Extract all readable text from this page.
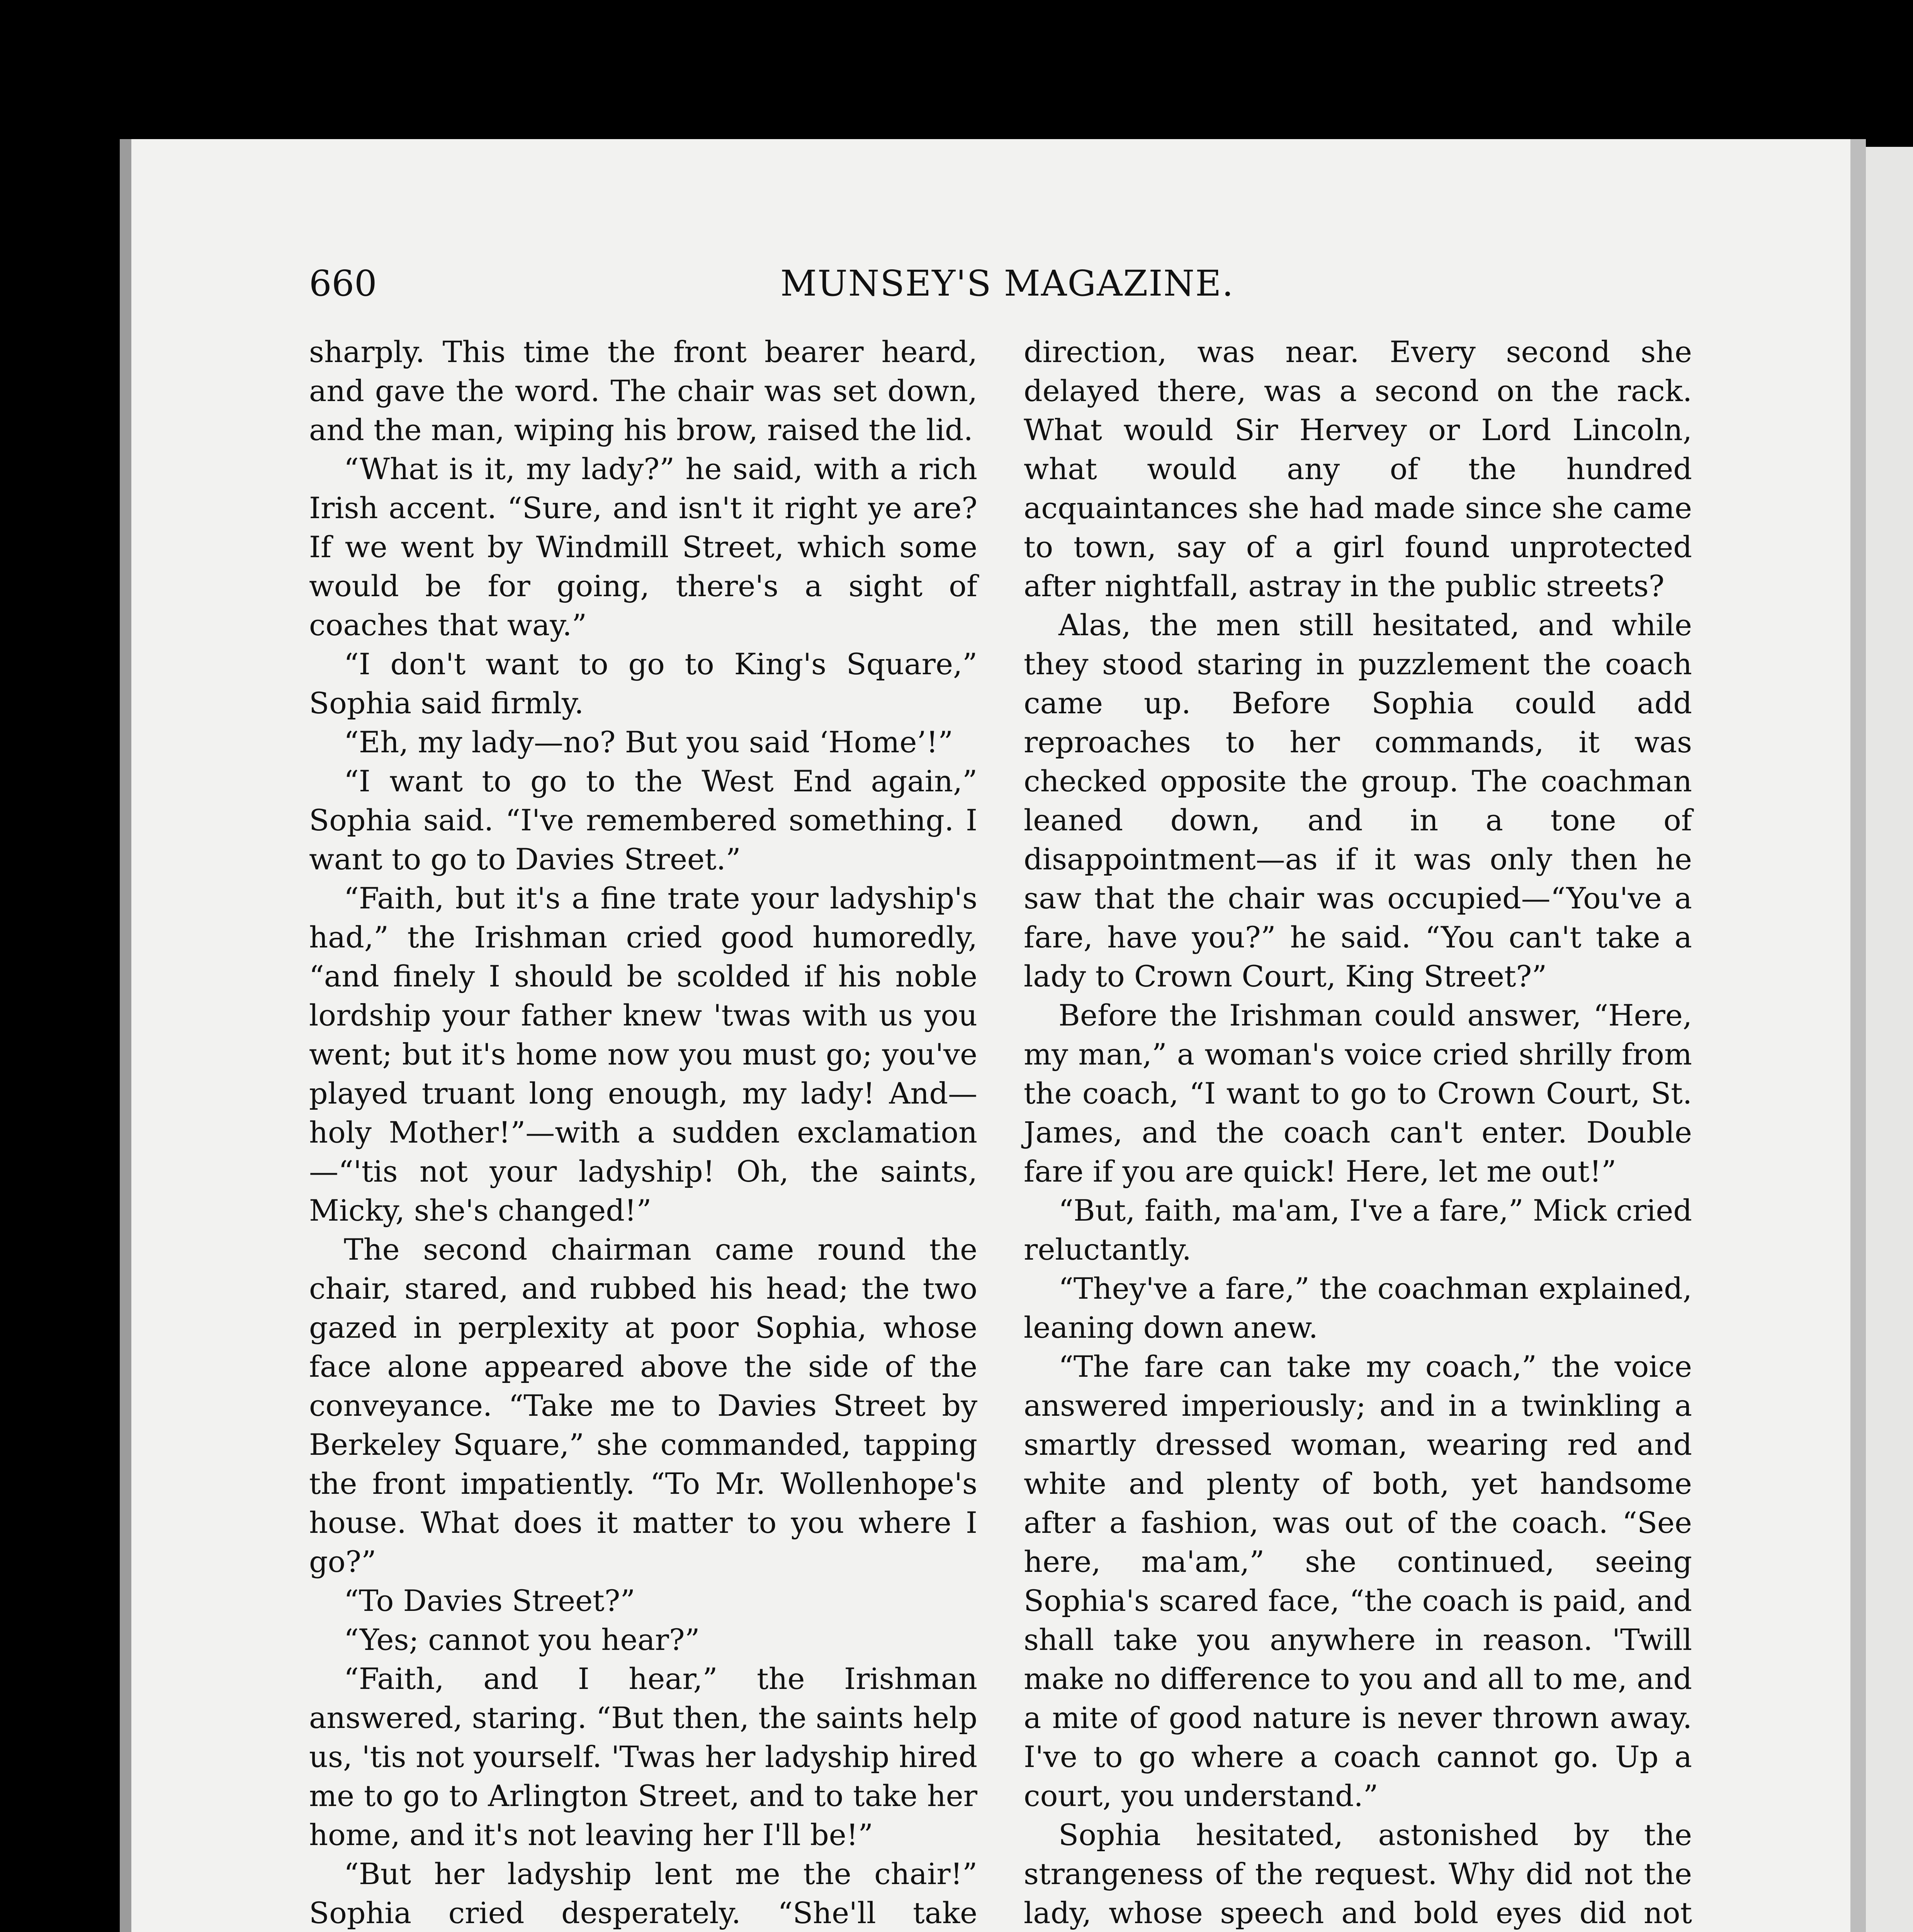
660	MUNSEY'S MAGAZINE.

sharply. This time the front bearer heard, and gave the word. The chair was set down, and the man, wiping his brow, raised the lid.

“What is it, my lady?” he said, with a rich Irish accent. “Sure, and isn't it right ye are? If we went by Windmill Street, which some would be for going, there's a sight of coaches that way.”

“I don't want to go to King's Square,” Sophia said firmly.

“Eh, my lady—no? But you said ‘Home’!”

“I want to go to the West End again,” Sophia said. “I've remembered something. I want to go to Davies Street.”

“Faith, but it's a fine trate your ladyship's had,” the Irishman cried good humoredly, “and finely I should be scolded if his noble lordship your father knew 'twas with us you went; but it's home now you must go; you've played truant long enough, my lady! And—holy Mother!”—with a sudden exclamation—“'tis not your ladyship! Oh, the saints, Micky, she's changed!”

The second chairman came round the chair, stared, and rubbed his head; the two gazed in perplexity at poor Sophia, whose face alone appeared above the side of the conveyance. “Take me to Davies Street by Berkeley Square,” she commanded, tapping the front impatiently. “To Mr. Wollenhope's house. What does it matter to you where I go?”

“To Davies Street?”

“Yes; cannot you hear?”

“Faith, and I hear,” the Irishman answered, staring. “But then, the saints help us, 'tis not yourself. 'Twas her ladyship hired me to go to Arlington Street, and to take her home, and it's not leaving her I'll be!”

“But her ladyship lent me the chair!” Sophia cried desperately. “She'll take

direction, was near. Every second she delayed there, was a second on the rack. What would Sir Hervey or Lord Lincoln, what would any of the hundred acquaintances she had made since she came to town, say of a girl found unprotected after nightfall, astray in the public streets?

Alas, the men still hesitated, and while they stood staring in puzzlement the coach came up. Before Sophia could add reproaches to her commands, it was checked opposite the group. The coachman leaned down, and in a tone of disappointment—as if it was only then he saw that the chair was occupied—“You've a fare, have you?” he said. “You can't take a lady to Crown Court, King Street?”

Before the Irishman could answer, “Here, my man,” a woman's voice cried shrilly from the coach, “I want to go to Crown Court, St. James, and the coach can't enter. Double fare if you are quick! Here, let me out!”

“But, faith, ma'am, I've a fare,” Mick cried reluctantly.

“They've a fare,” the coachman explained, leaning down anew.

“The fare can take my coach,” the voice answered imperiously; and in a twinkling a smartly dressed woman, wearing red and white and plenty of both, yet handsome after a fashion, was out of the coach. “See here, ma'am,” she continued, seeing Sophia's scared face, “the coach is paid, and shall take you anywhere in reason. 'Twill make no difference to you and all to me, and a mite of good nature is never thrown away. I've to go where a coach cannot go. Up a court, you understand.”

Sophia hesitated, astonished by the strangeness of the request. Why did not the lady, whose speech and bold eyes did not
